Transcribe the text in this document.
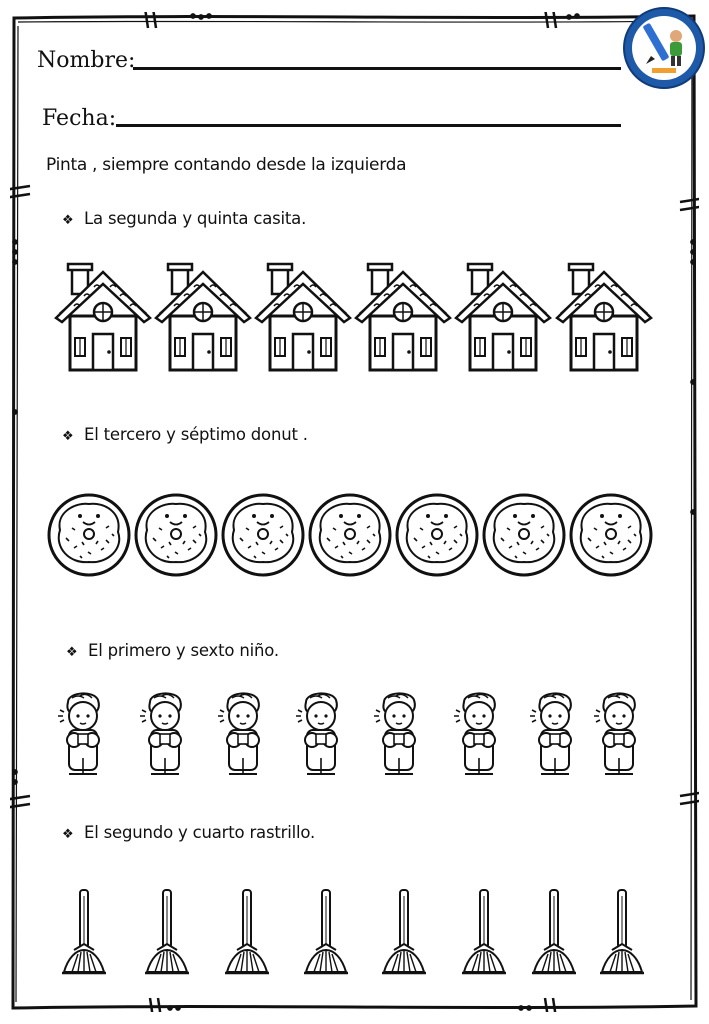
Nombre:
Fecha:
Pinta , siempre contando desde la izquierda
❖ La segunda y quinta casita.
❖ El tercero y séptimo donut .
❖ El primero y sexto niño.
❖ El segundo y cuarto rastrillo.
